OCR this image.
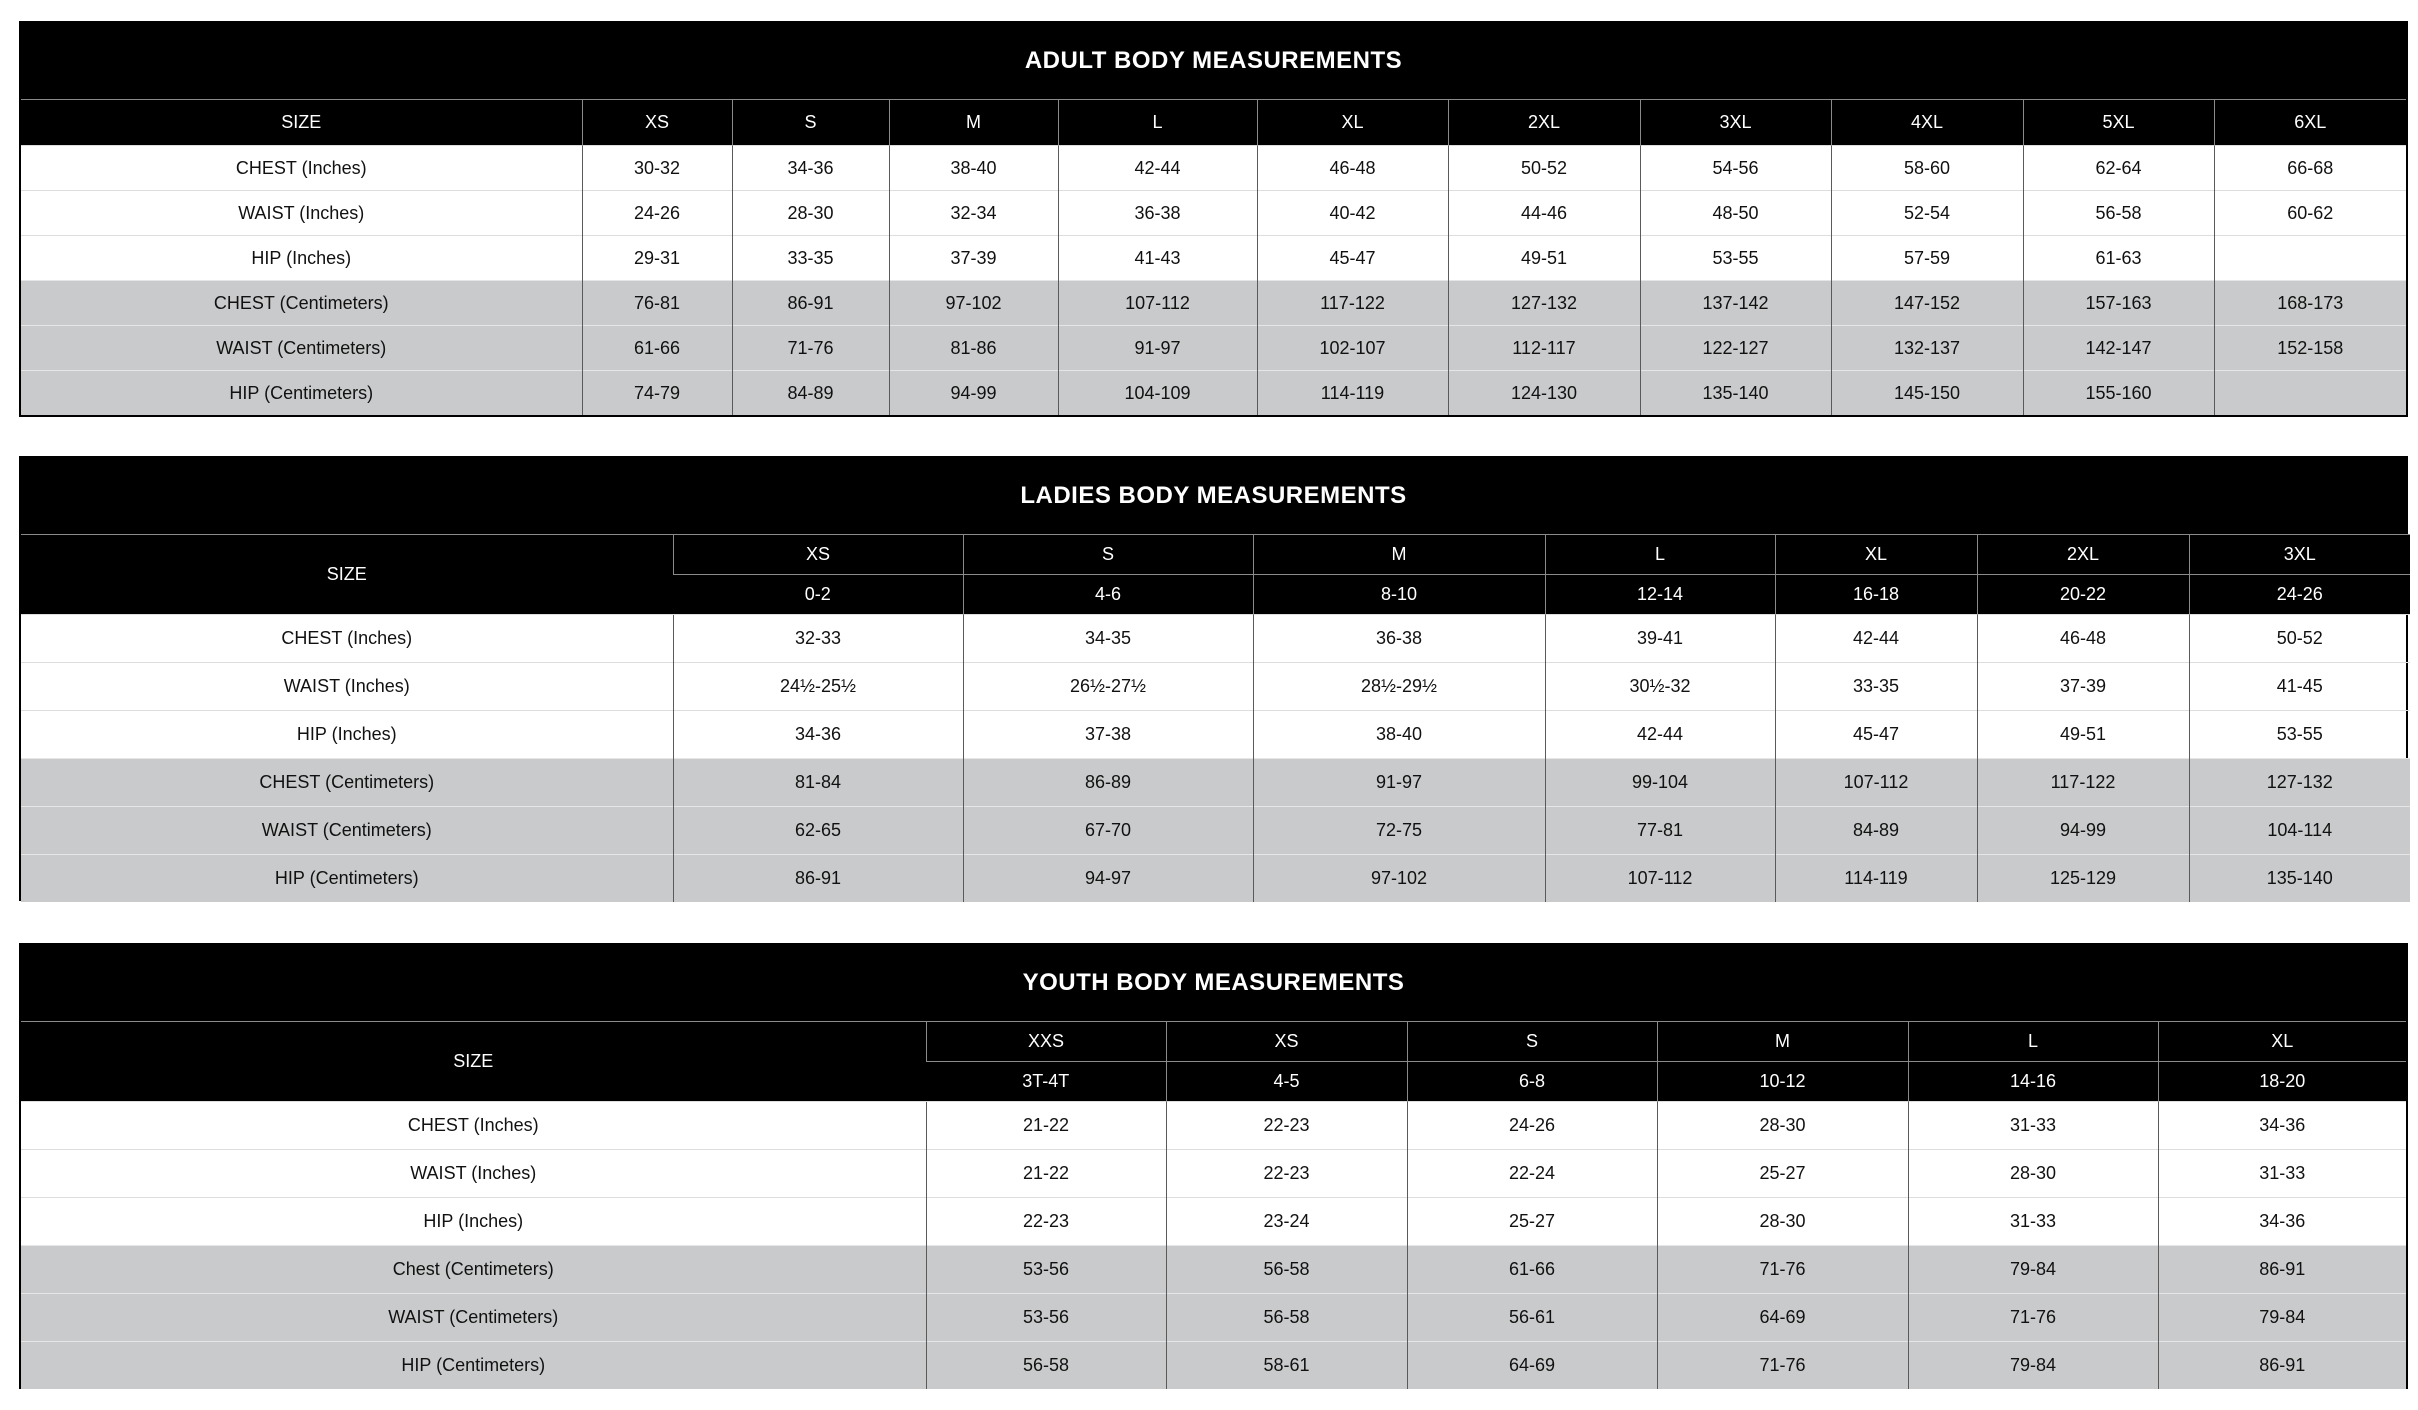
ADULT BODY MEASUREMENTS
SIZE	XS	S	M	L	XL	2XL	3XL	4XL	5XL	6XL
CHEST (Inches)	30-32	34-36	38-40	42-44	46-48	50-52	54-56	58-60	62-64	66-68
WAIST (Inches)	24-26	28-30	32-34	36-38	40-42	44-46	48-50	52-54	56-58	60-62
HIP (Inches)	29-31	33-35	37-39	41-43	45-47	49-51	53-55	57-59	61-63	
CHEST (Centimeters)	76-81	86-91	97-102	107-112	117-122	127-132	137-142	147-152	157-163	168-173
WAIST (Centimeters)	61-66	71-76	81-86	91-97	102-107	112-117	122-127	132-137	142-147	152-158
HIP (Centimeters)	74-79	84-89	94-99	104-109	114-119	124-130	135-140	145-150	155-160	
LADIES BODY MEASUREMENTS
SIZE	XS	S	M	L	XL	2XL	3XL
	0-2	4-6	8-10	12-14	16-18	20-22	24-26
CHEST (Inches)	32-33	34-35	36-38	39-41	42-44	46-48	50-52
WAIST (Inches)	24½-25½	26½-27½	28½-29½	30½-32	33-35	37-39	41-45
HIP (Inches)	34-36	37-38	38-40	42-44	45-47	49-51	53-55
CHEST (Centimeters)	81-84	86-89	91-97	99-104	107-112	117-122	127-132
WAIST (Centimeters)	62-65	67-70	72-75	77-81	84-89	94-99	104-114
HIP (Centimeters)	86-91	94-97	97-102	107-112	114-119	125-129	135-140
YOUTH BODY MEASUREMENTS
SIZE	XXS	XS	S	M	L	XL
	3T-4T	4-5	6-8	10-12	14-16	18-20
CHEST (Inches)	21-22	22-23	24-26	28-30	31-33	34-36
WAIST (Inches)	21-22	22-23	22-24	25-27	28-30	31-33
HIP (Inches)	22-23	23-24	25-27	28-30	31-33	34-36
Chest (Centimeters)	53-56	56-58	61-66	71-76	79-84	86-91
WAIST (Centimeters)	53-56	56-58	56-61	64-69	71-76	79-84
HIP (Centimeters)	56-58	58-61	64-69	71-76	79-84	86-91
